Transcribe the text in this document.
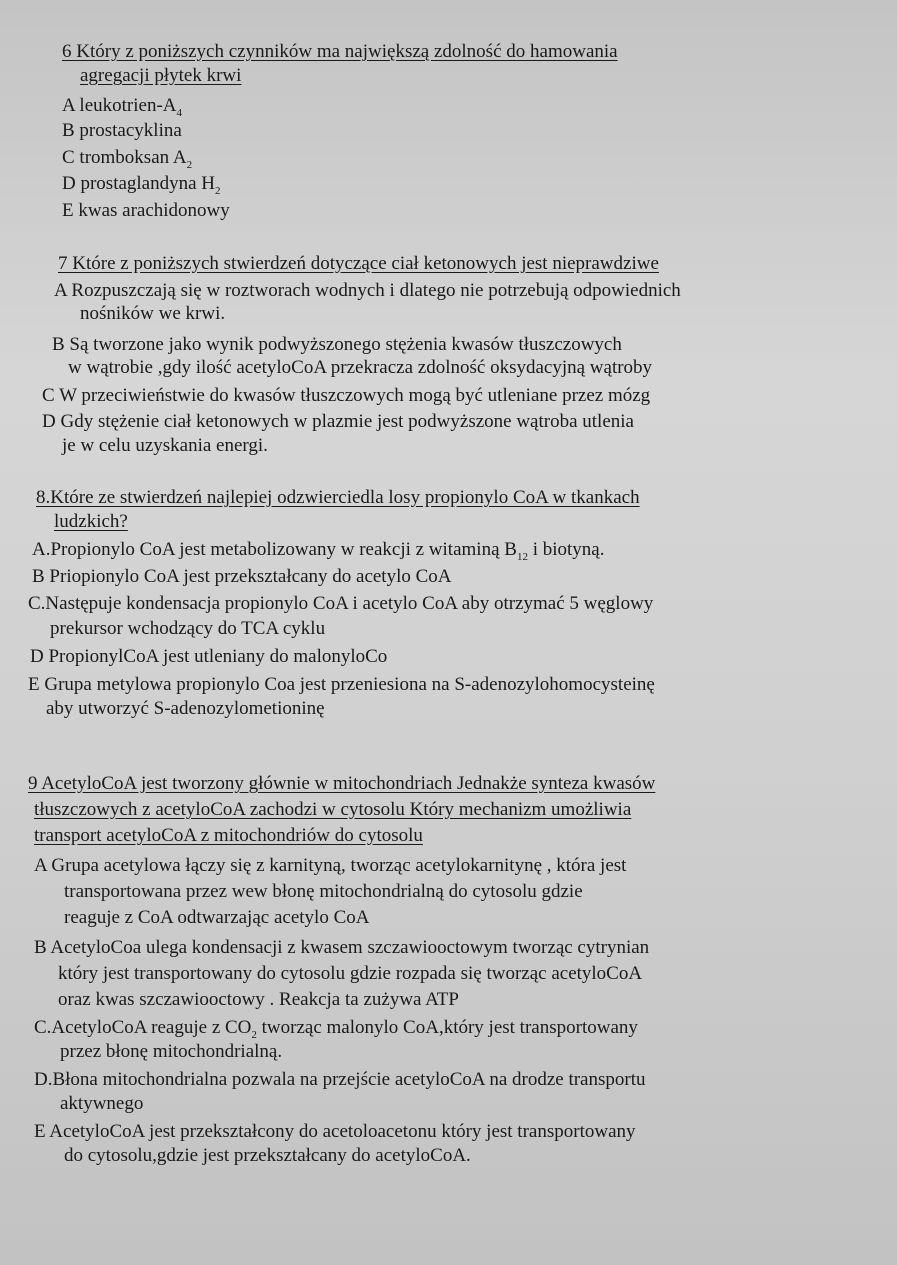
6 Który z poniższych czynników ma największą zdolność do hamowania
agregacji płytek krwi
A leukotrien-$A_4$
B prostacyklina
C tromboksan $A_2$
D prostaglandyna $H_2$
E kwas arachidonowy
7 Które z poniższych stwierdzeń dotyczące ciał ketonowych jest nieprawdziwe
A Rozpuszczają się w roztworach wodnych i dlatego nie potrzebują odpowiednich
nośników we krwi.
B Są tworzone jako wynik podwyższonego stężenia kwasów tłuszczowych
w wątrobie ,gdy ilość acetyloCoA przekracza zdolność oksydacyjną wątroby
C W przeciwieństwie do kwasów tłuszczowych mogą być utleniane przez mózg
D Gdy stężenie ciał ketonowych w plazmie jest podwyższone wątroba utlenia
je w celu uzyskania energi.
8.Które ze stwierdzeń najlepiej odzwierciedla losy propionylo CoA w tkankach
ludzkich?
A.Propionylo CoA jest metabolizowany w reakcji z witaminą $B_{12}$ i biotyną.
B Priopionylo CoA jest przekształcany do acetylo CoA
C.Następuje kondensacja propionylo CoA i acetylo CoA aby otrzymać 5 węglowy
prekursor wchodzący do TCA cyklu
D PropionylCoA jest utleniany do malonyloCo
E Grupa metylowa propionylo Coa jest przeniesiona na S-adenozylohomocysteinę
aby utworzyć S-adenozylometioninę
9 AcetyloCoA jest tworzony głównie w mitochondriach Jednakże synteza kwasów
tłuszczowych z acetyloCoA zachodzi w cytosolu Który mechanizm umożliwia
transport acetyloCoA z mitochondriów do cytosolu
A Grupa acetylowa łączy się z karnityną, tworząc acetylokarnitynę , która jest
transportowana przez wew błonę mitochondrialną do cytosolu gdzie
reaguje z CoA odtwarzając acetylo CoA
B AcetyloCoa ulega kondensacji z kwasem szczawiooctowym tworząc cytrynian
który jest transportowany do cytosolu gdzie rozpada się tworząc acetyloCoA
oraz kwas szczawiooctowy . Reakcja ta zużywa ATP
C.AcetyloCoA reaguje z $CO_2$ tworząc malonylo CoA,który jest transportowany
przez błonę mitochondrialną.
D.Błona mitochondrialna pozwala na przejście acetyloCoA na drodze transportu
aktywnego
E AcetyloCoA jest przekształcony do acetoloacetonu który jest transportowany
do cytosolu,gdzie jest przekształcany do acetyloCoA.
